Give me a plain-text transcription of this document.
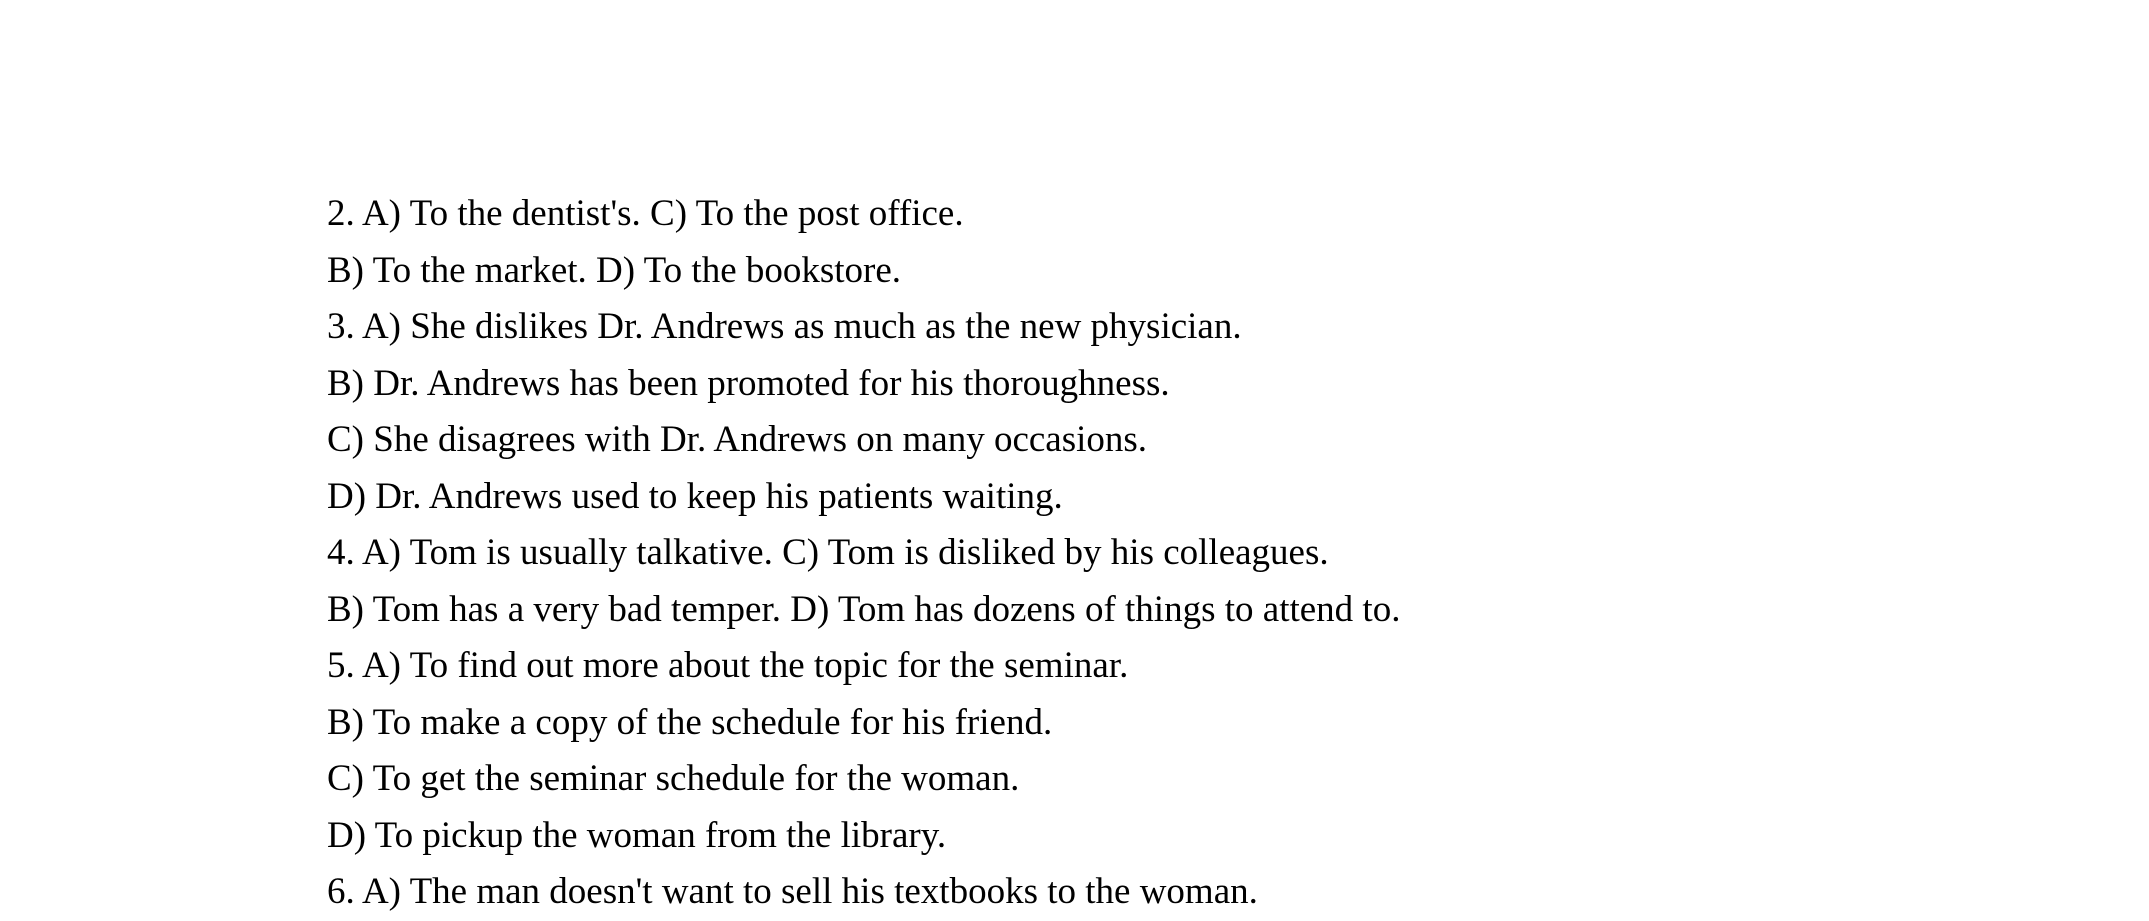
2. A) To the dentist's. C) To the post office.
B) To the market. D) To the bookstore.
3. A) She dislikes Dr. Andrews as much as the new physician.
B) Dr. Andrews has been promoted for his thoroughness.
C) She disagrees with Dr. Andrews on many occasions.
D) Dr. Andrews used to keep his patients waiting.
4. A) Tom is usually talkative. C) Tom is disliked by his colleagues.
B) Tom has a very bad temper. D) Tom has dozens of things to attend to.
5. A) To find out more about the topic for the seminar.
B) To make a copy of the schedule for his friend.
C) To get the seminar schedule for the woman.
D) To pickup the woman from the library.
6. A) The man doesn't want to sell his textbooks to the woman.
